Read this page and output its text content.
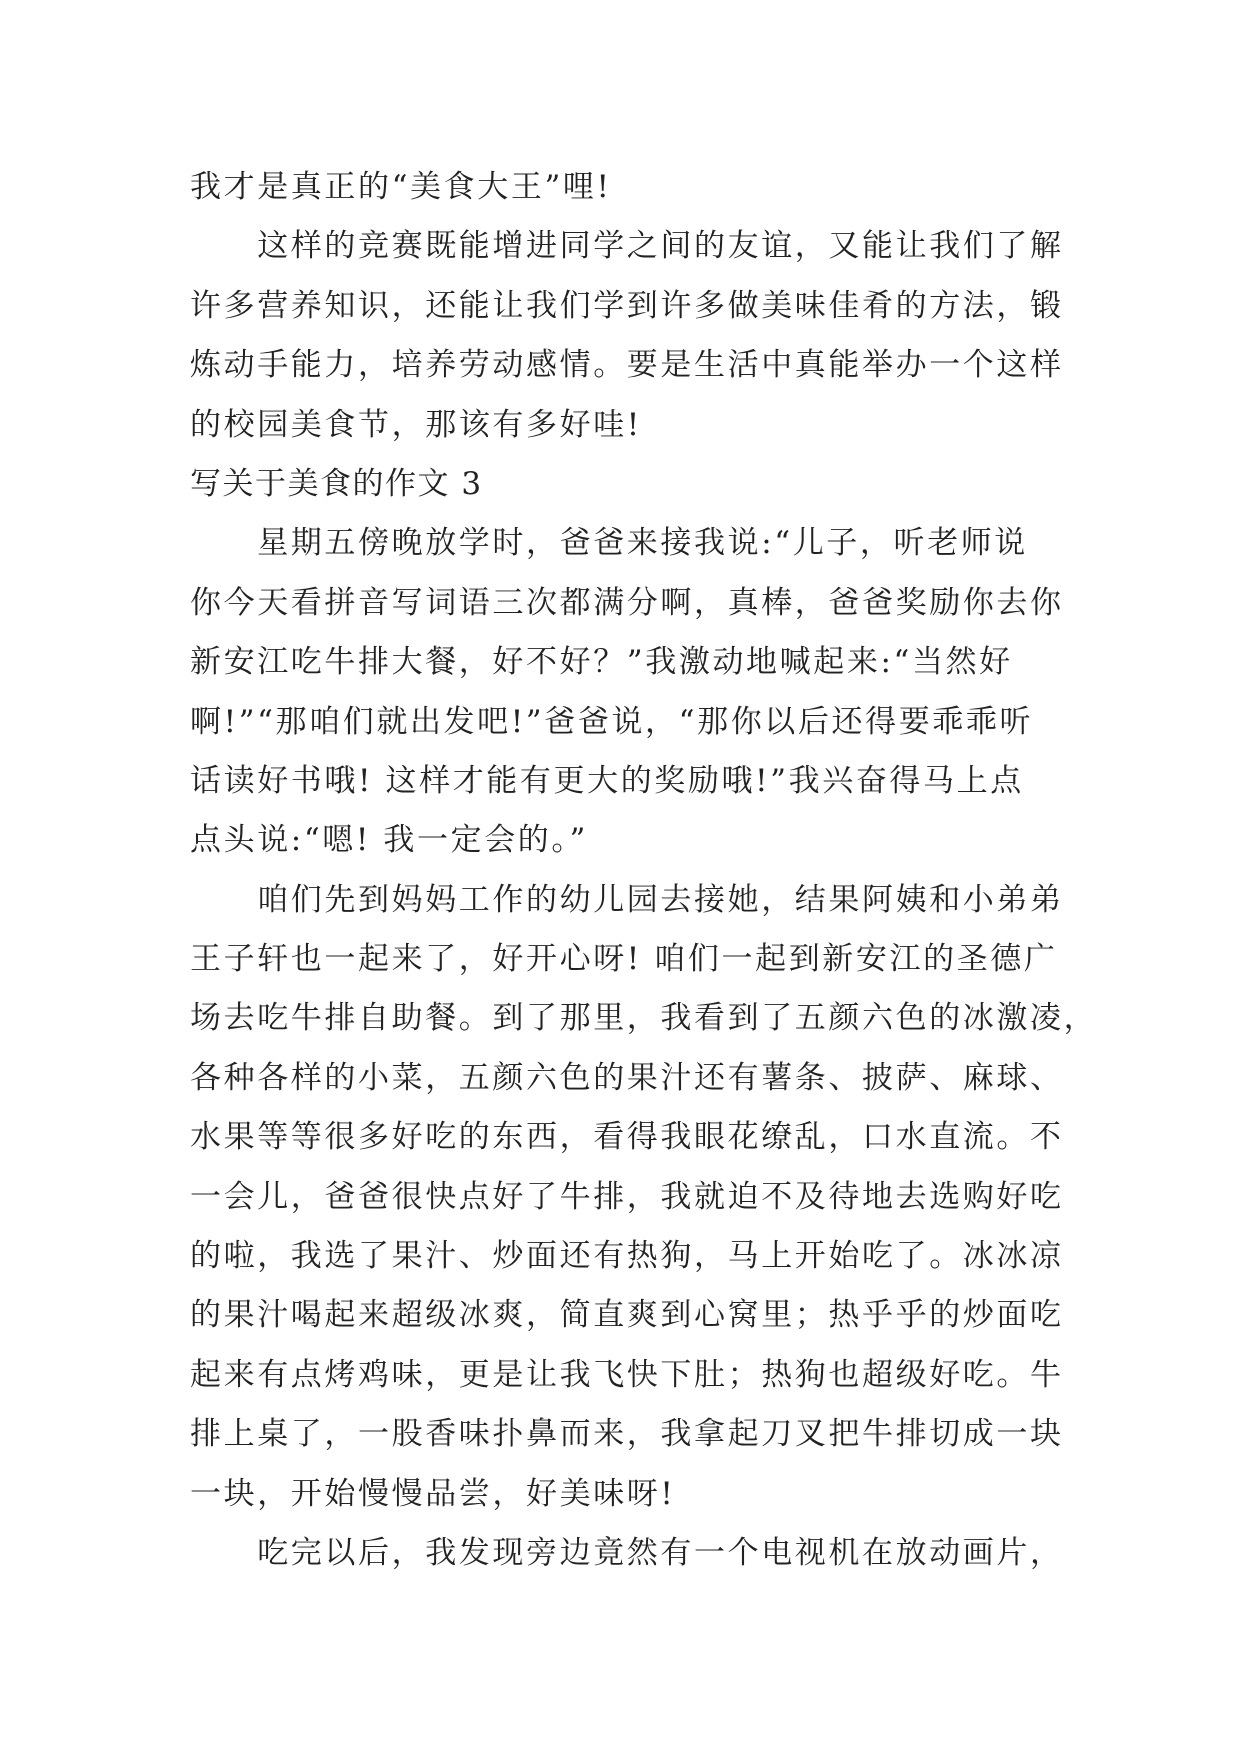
我才是真正的“美食大王”哩!
　　这样的竞赛既能增进同学之间的友谊，又能让我们了解
许多营养知识，还能让我们学到许多做美味佳肴的方法，锻
炼动手能力，培养劳动感情。要是生活中真能举办一个这样
的校园美食节，那该有多好哇!
写关于美食的作文 3
　　星期五傍晚放学时，爸爸来接我说:“儿子，听老师说
你今天看拼音写词语三次都满分啊，真棒，爸爸奖励你去你
新安江吃牛排大餐，好不好？”我激动地喊起来:“当然好
啊!”“那咱们就出发吧!”爸爸说，“那你以后还得要乖乖听
话读好书哦! 这样才能有更大的奖励哦!”我兴奋得马上点
点头说:“嗯! 我一定会的。”
　　咱们先到妈妈工作的幼儿园去接她，结果阿姨和小弟弟
王子轩也一起来了，好开心呀! 咱们一起到新安江的圣德广
场去吃牛排自助餐。到了那里，我看到了五颜六色的冰激凌，
各种各样的小菜，五颜六色的果汁还有薯条、披萨、麻球、
水果等等很多好吃的东西，看得我眼花缭乱，口水直流。不
一会儿，爸爸很快点好了牛排，我就迫不及待地去选购好吃
的啦，我选了果汁、炒面还有热狗，马上开始吃了。冰冰凉
的果汁喝起来超级冰爽，简直爽到心窝里；热乎乎的炒面吃
起来有点烤鸡味，更是让我飞快下肚；热狗也超级好吃。牛
排上桌了，一股香味扑鼻而来，我拿起刀叉把牛排切成一块
一块，开始慢慢品尝，好美味呀!
　　吃完以后，我发现旁边竟然有一个电视机在放动画片，
